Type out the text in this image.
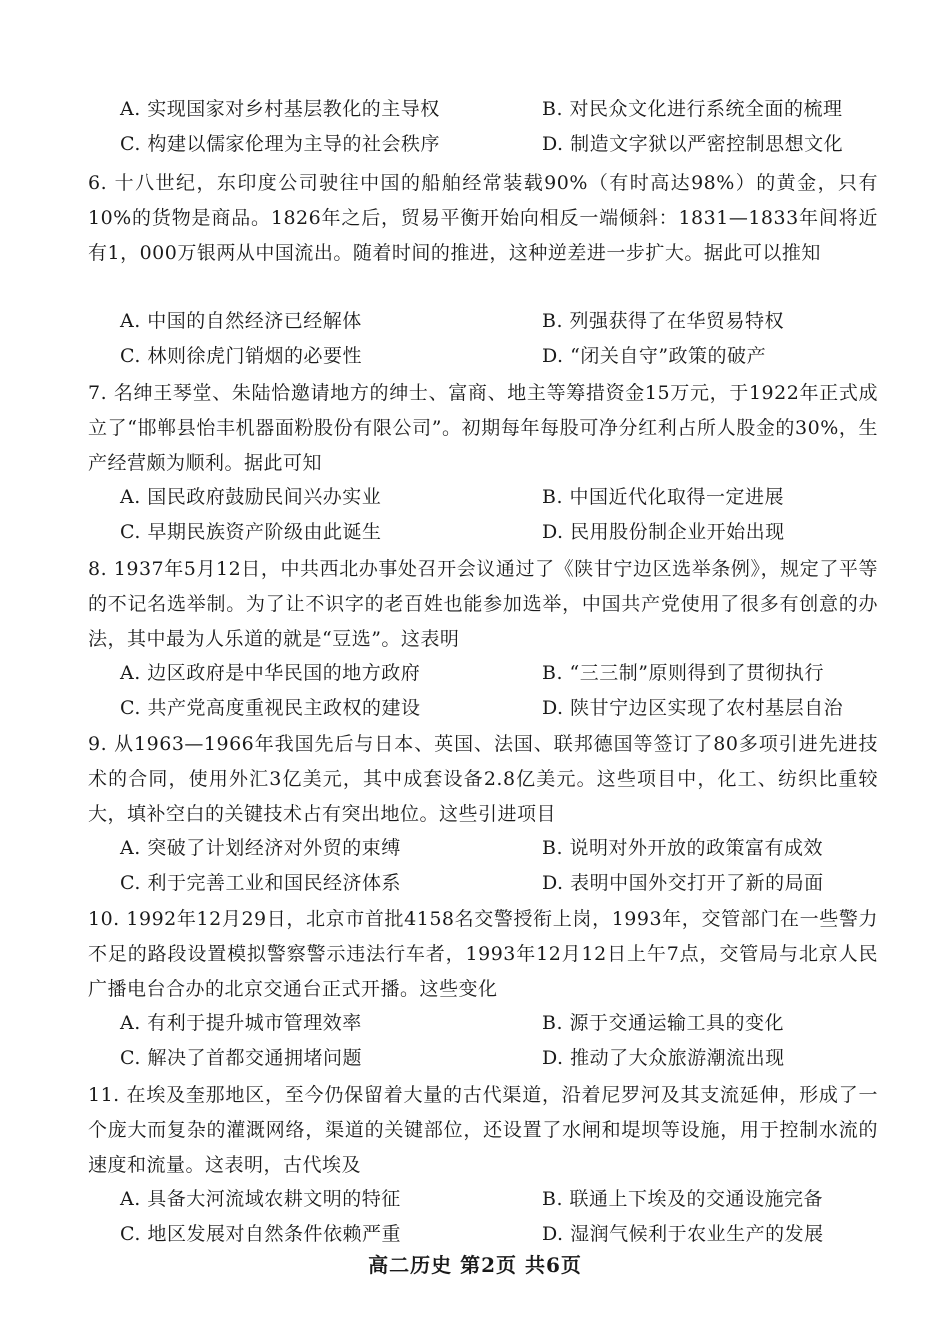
A. 实现国家对乡村基层教化的主导权	B. 对民众文化进行系统全面的梳理
C. 构建以儒家伦理为主导的社会秩序	D. 制造文字狱以严密控制思想文化
6. 十八世纪，东印度公司驶往中国的船舶经常装载90%（有时高达98%）的黄金，只有10%的货物是商品。1826年之后，贸易平衡开始向相反一端倾斜：1831—1833年间将近有1，000万银两从中国流出。随着时间的推进，这种逆差进一步扩大。据此可以推知
A. 中国的自然经济已经解体	B. 列强获得了在华贸易特权
C. 林则徐虎门销烟的必要性	D. “闭关自守”政策的破产
7. 名绅王琴堂、朱陆恰邀请地方的绅士、富商、地主等筹措资金15万元，于1922年正式成立了“邯郸县怡丰机器面粉股份有限公司”。初期每年每股可净分红利占所人股金的30%，生产经营颇为顺利。据此可知
A. 国民政府鼓励民间兴办实业	B. 中国近代化取得一定进展
C. 早期民族资产阶级由此诞生	D. 民用股份制企业开始出现
8. 1937年5月12日，中共西北办事处召开会议通过了《陕甘宁边区选举条例》，规定了平等的不记名选举制。为了让不识字的老百姓也能参加选举，中国共产党使用了很多有创意的办法，其中最为人乐道的就是“豆选”。这表明
A. 边区政府是中华民国的地方政府	B. “三三制”原则得到了贯彻执行
C. 共产党高度重视民主政权的建设	D. 陕甘宁边区实现了农村基层自治
9. 从1963—1966年我国先后与日本、英国、法国、联邦德国等签订了80多项引进先进技术的合同，使用外汇3亿美元，其中成套设备2.8亿美元。这些项目中，化工、纺织比重较大，填补空白的关键技术占有突出地位。这些引进项目
A. 突破了计划经济对外贸的束缚	B. 说明对外开放的政策富有成效
C. 利于完善工业和国民经济体系	D. 表明中国外交打开了新的局面
10. 1992年12月29日，北京市首批4158名交警授衔上岗，1993年，交管部门在一些警力不足的路段设置模拟警察警示违法行车者，1993年12月12日上午7点，交管局与北京人民广播电台合办的北京交通台正式开播。这些变化
A. 有利于提升城市管理效率	B. 源于交通运输工具的变化
C. 解决了首都交通拥堵问题	D. 推动了大众旅游潮流出现
11. 在埃及奎那地区，至今仍保留着大量的古代渠道，沿着尼罗河及其支流延伸，形成了一个庞大而复杂的灌溉网络，渠道的关键部位，还设置了水闸和堤坝等设施，用于控制水流的速度和流量。这表明，古代埃及
A. 具备大河流域农耕文明的特征	B. 联通上下埃及的交通设施完备
C. 地区发展对自然条件依赖严重	D. 湿润气候利于农业生产的发展
高二历史 第2页 共6页
